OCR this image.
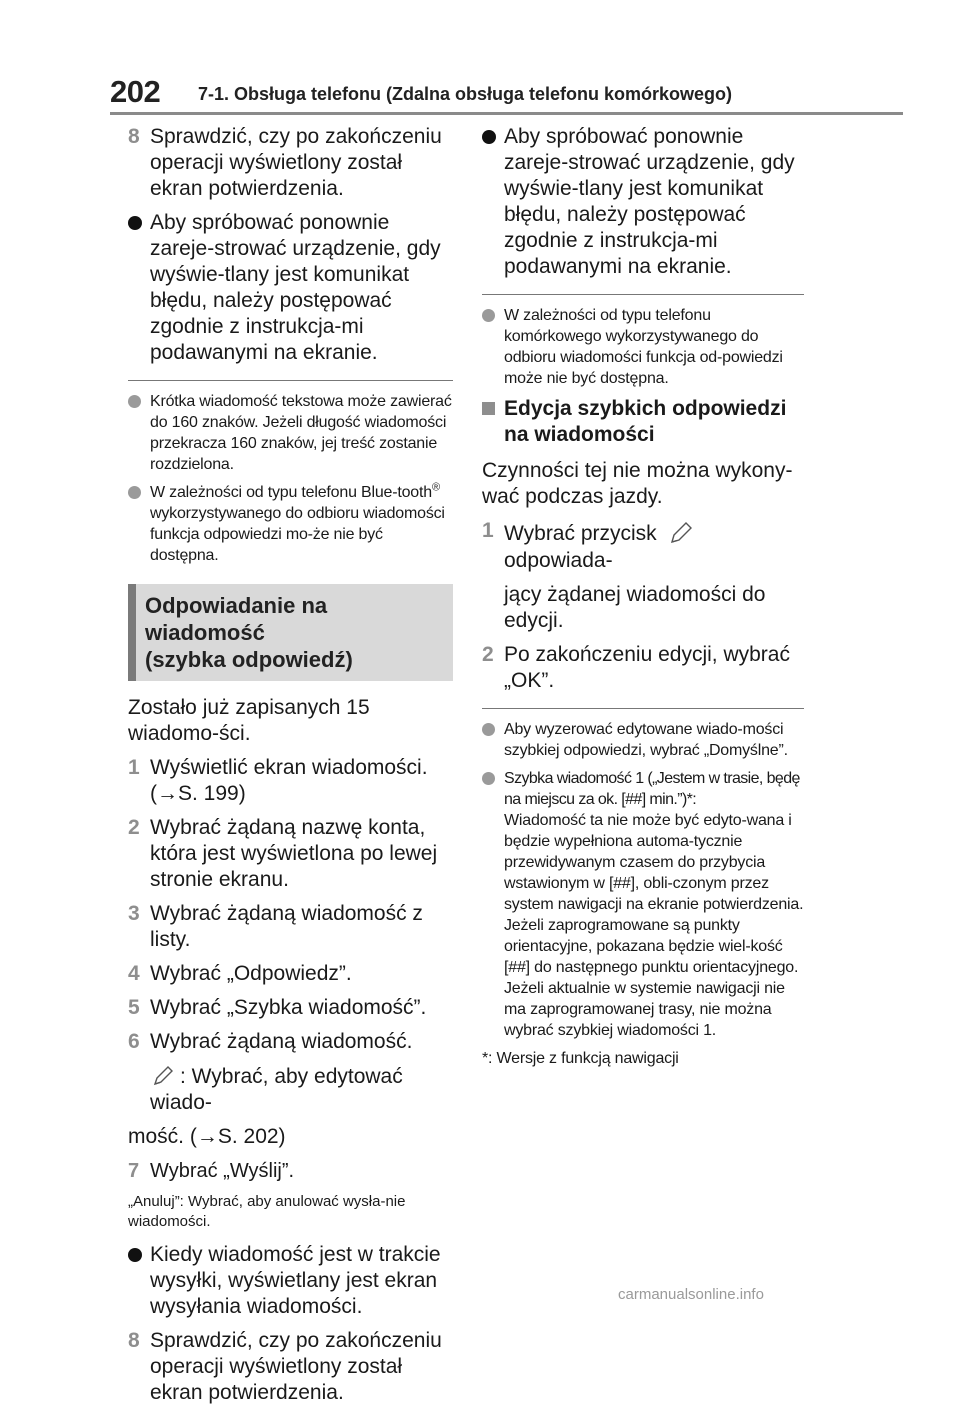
202 7-1. Obsługa telefonu (Zdalna obsługa telefonu komórkowego)
8 Sprawdzić, czy po zakończeniu operacji wyświetlony został ekran potwierdzenia.
Aby spróbować ponownie zareje-strować urządzenie, gdy wyświe-tlany jest komunikat błędu, należy postępować zgodnie z instrukcja-mi podawanymi na ekranie.
Krótka wiadomość tekstowa może zawierać do 160 znaków. Jeżeli długość wiadomości przekracza 160 znaków, jej treść zostanie rozdzielona.
W zależności od typu telefonu Blue-tooth® wykorzystywanego do odbioru wiadomości funkcja odpowiedzi mo-że nie być dostępna.
Odpowiadanie na wiadomość
(szybka odpowiedź)
Zostało już zapisanych 15 wiadomo-ści.
1 Wyświetlić ekran wiadomości. (→S. 199)
2 Wybrać żądaną nazwę konta, która jest wyświetlona po lewej stronie ekranu.
3 Wybrać żądaną wiadomość z listy.
4 Wybrać „Odpowiedz”.
5 Wybrać „Szybka wiadomość”.
6 Wybrać żądaną wiadomość.
: Wybrać, aby edytować wiado-
mość. (→S. 202)
7 Wybrać „Wyślij”.
„Anuluj”: Wybrać, aby anulować wysła-nie wiadomości.
Kiedy wiadomość jest w trakcie wysyłki, wyświetlany jest ekran wysyłania wiadomości.
8 Sprawdzić, czy po zakończeniu operacji wyświetlony został ekran potwierdzenia.
Aby spróbować ponownie zareje-strować urządzenie, gdy wyświe-tlany jest komunikat błędu, należy postępować zgodnie z instrukcja-mi podawanymi na ekranie.
W zależności od typu telefonu komórkowego wykorzystywanego do odbioru wiadomości funkcja od-powiedzi może nie być dostępna.
Edycja szybkich odpowiedzi na wiadomości
Czynności tej nie można wykony-wać podczas jazdy.
1 Wybrać przyciskodpowiada-
jący żądanej wiadomości do edycji.
2 Po zakończeniu edycji, wybrać „OK”.
Aby wyzerować edytowane wiado-mości szybkiej odpowiedzi, wybrać „Domyślne”.
Szybka wiadomość 1 („Jestem w trasie, będę na miejscu za ok. [##] min.”)*:
Wiadomość ta nie może być edyto-wana i będzie wypełniona automa-tycznie przewidywanym czasem do przybycia wstawionym w [##], obli-czonym przez system nawigacji na ekranie potwierdzenia.
Jeżeli zaprogramowane są punkty orientacyjne, pokazana będzie wiel-kość [##] do następnego punktu orientacyjnego.
Jeżeli aktualnie w systemie nawigacji nie ma zaprogramowanej trasy, nie można wybrać szybkiej wiadomości 1.
*: Wersje z funkcją nawigacji
carmanualsonline.info
